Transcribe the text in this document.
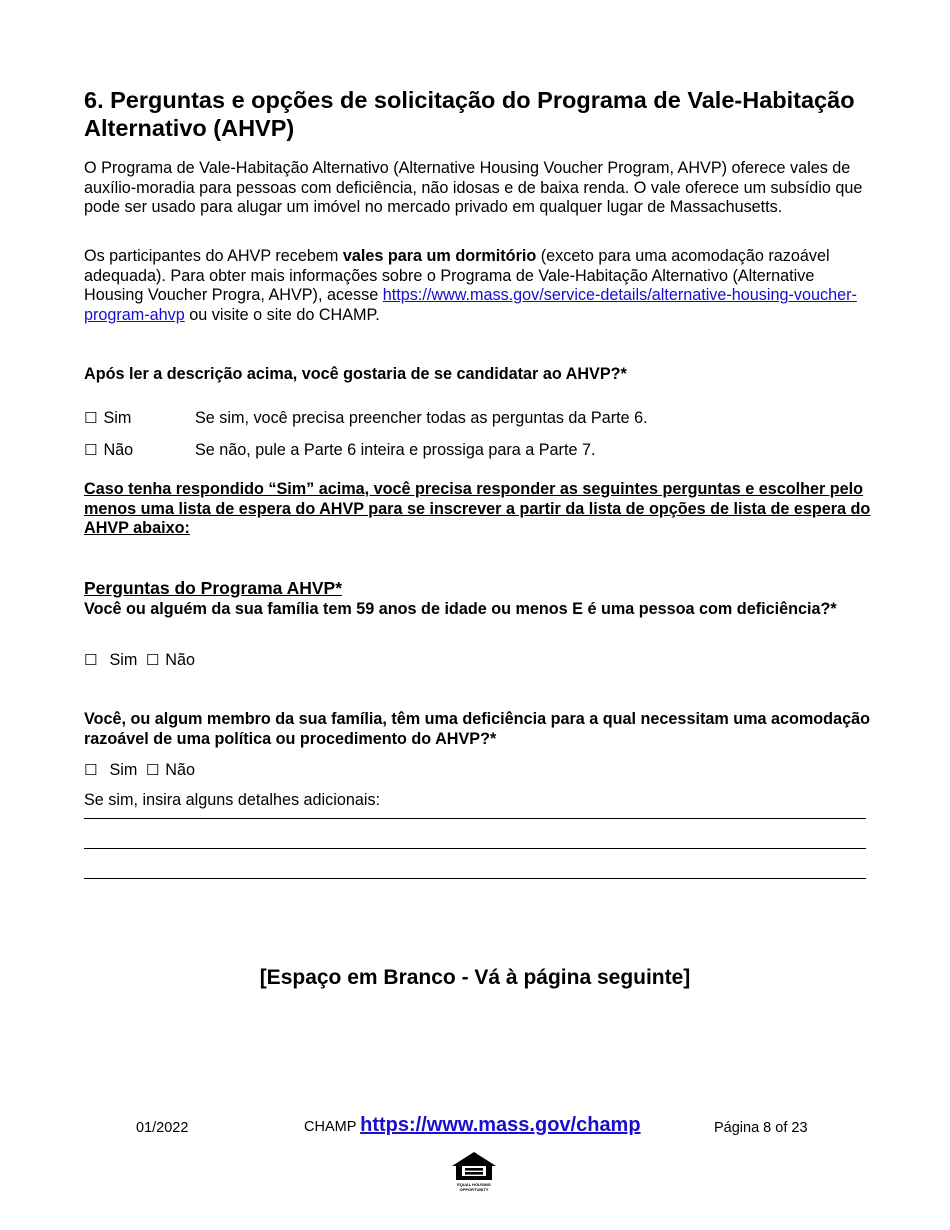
6. Perguntas e opções de solicitação do Programa de Vale-Habitação Alternativo (AHVP)

O Programa de Vale-Habitação Alternativo (Alternative Housing Voucher Program, AHVP) oferece vales de auxílio-moradia para pessoas com deficiência, não idosas e de baixa renda. O vale oferece um subsídio que pode ser usado para alugar um imóvel no mercado privado em qualquer lugar de Massachusetts.

Os participantes do AHVP recebem vales para um dormitório (exceto para uma acomodação razoável adequada). Para obter mais informações sobre o Programa de Vale-Habitação Alternativo (Alternative Housing Voucher Progra, AHVP), acesse https://www.mass.gov/service-details/alternative-housing-voucher-program-ahvp ou visite o site do CHAMP.

Após ler a descrição acima, você gostaria de se candidatar ao AHVP?*

☐ Sim	Se sim, você precisa preencher todas as perguntas da Parte 6.
☐ Não	Se não, pule a Parte 6 inteira e prossiga para a Parte 7.

Caso tenha respondido “Sim” acima, você precisa responder as seguintes perguntas e escolher pelo menos uma lista de espera do AHVP para se inscrever a partir da lista de opções de lista de espera do AHVP abaixo:

Perguntas do Programa AHVP*

Você ou alguém da sua família tem 59 anos de idade ou menos E é uma pessoa com deficiência?*

☐ Sim ☐ Não

Você, ou algum membro da sua família, têm uma deficiência para a qual necessitam uma acomodação razoável de uma política ou procedimento do AHVP?*

☐ Sim ☐ Não
Se sim, insira alguns detalhes adicionais:

[Espaço em Branco - Vá à página seguinte]

01/2022	CHAMP https://www.mass.gov/champ	Página 8 of 23
EQUAL HOUSING
OPPORTUNITY
